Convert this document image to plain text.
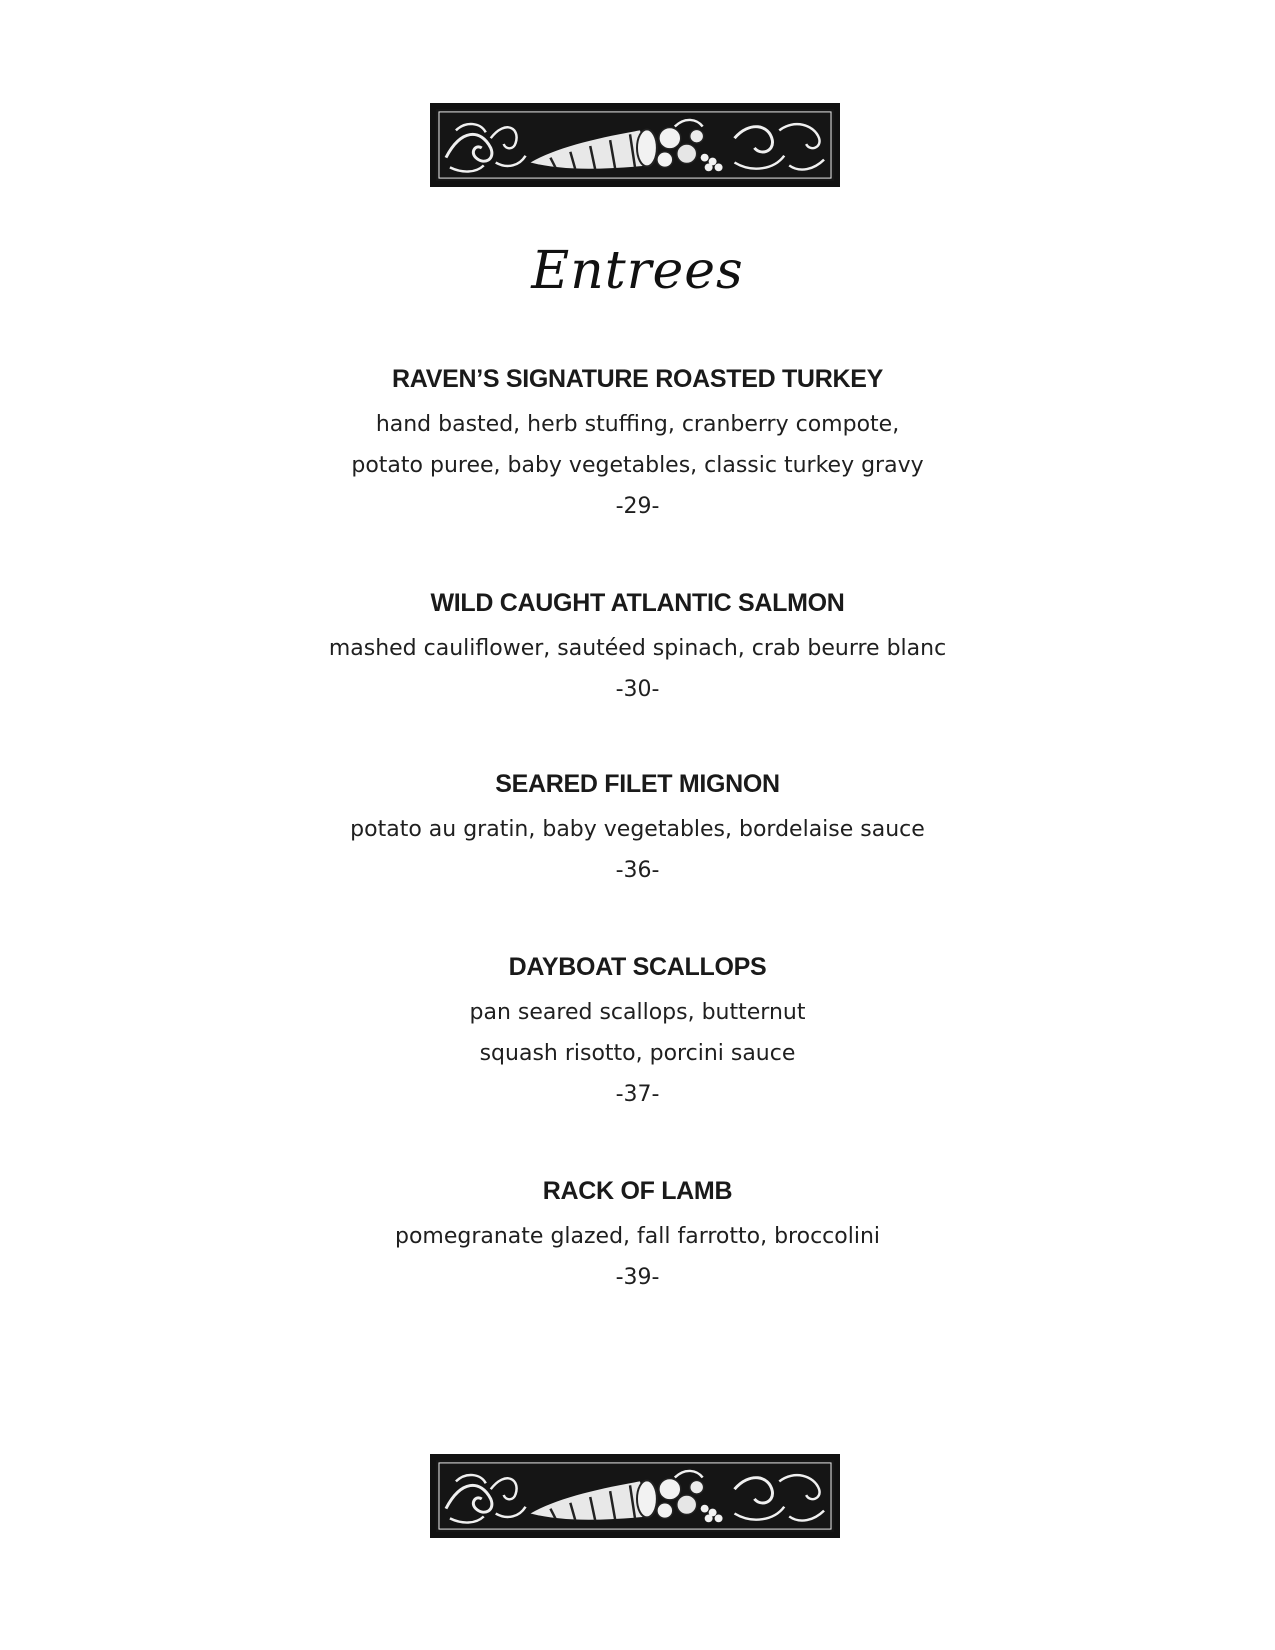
Entrees
RAVEN’S SIGNATURE ROASTED TURKEY
hand basted, herb stuffing, cranberry compote,
potato puree, baby vegetables, classic turkey gravy
-29-
WILD CAUGHT ATLANTIC SALMON
mashed cauliflower, sautéed spinach, crab beurre blanc
-30-
SEARED FILET MIGNON
potato au gratin, baby vegetables, bordelaise sauce
-36-
DAYBOAT SCALLOPS
pan seared scallops, butternut
squash risotto, porcini sauce
-37-
RACK OF LAMB
pomegranate glazed, fall farrotto, broccolini
-39-
